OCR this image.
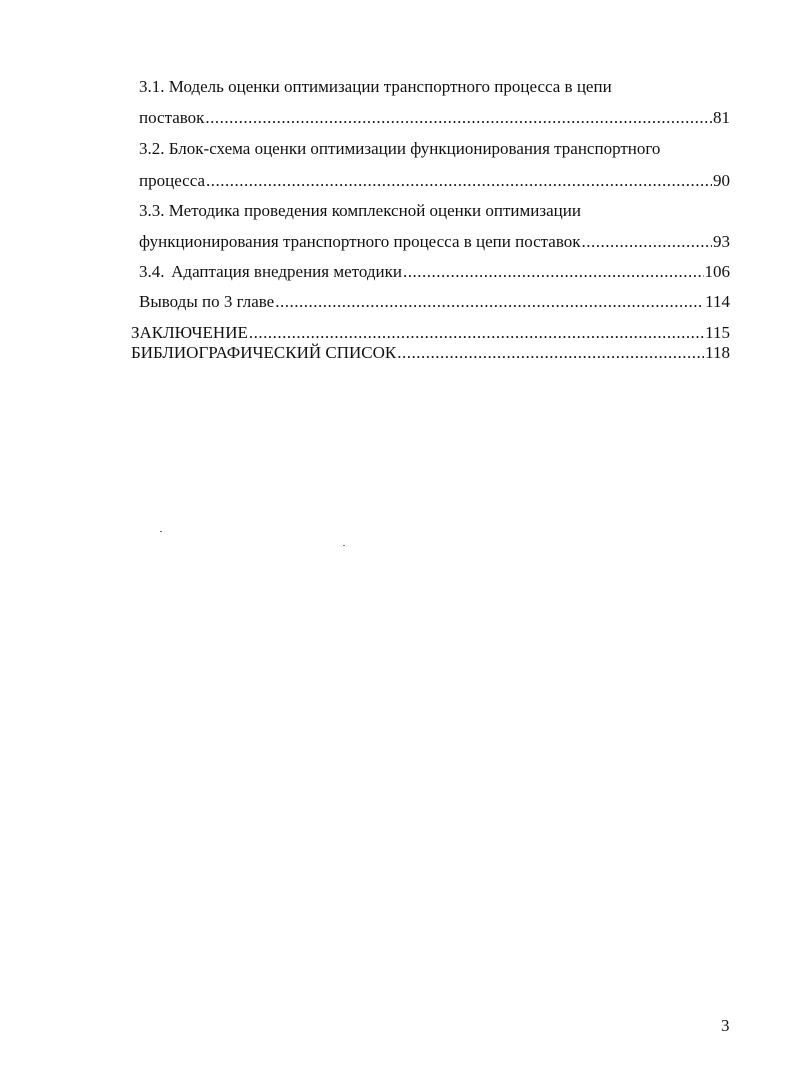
3.1. Модель оценки оптимизации транспортного процесса в цепи
поставок .....	81
3.2. Блок-схема оценки оптимизации функционирования транспортного
процесса .....	90
3.3. Методика проведения комплексной оценки оптимизации
функционирования транспортного процесса в цепи поставок .....	93
3.4. Адаптация внедрения методики .....	106
Выводы по 3 главе .....	114
ЗАКЛЮЧЕНИЕ .....	115
БИБЛИОГРАФИЧЕСКИЙ СПИСОК .....	118
3
